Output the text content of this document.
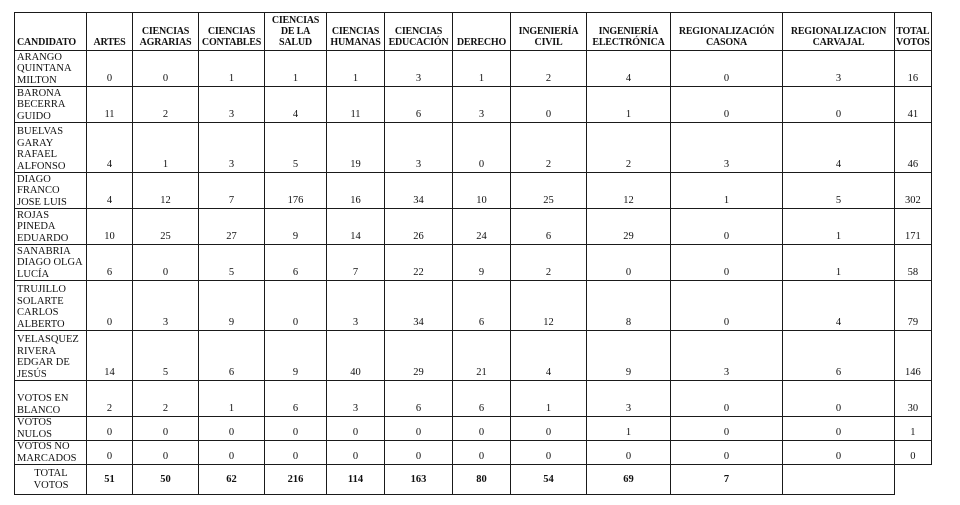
CANDIDATO	ARTES	CIENCIAS AGRARIAS	CIENCIAS CONTABLES	CIENCIAS DE LA SALUD	CIENCIAS HUMANAS	CIENCIAS EDUCACIÓN	DERECHO	INGENIERÍA CIVIL	INGENIERÍA ELECTRÓNICA	REGIONALIZACIÓN CASONA	REGIONALIZACION CARVAJAL	TOTAL VOTOS
ARANGO QUINTANA MILTON	0	0	1	1	1	3	1	2	4	0	3	16
BARONA BECERRA GUIDO	11	2	3	4	11	6	3	0	1	0	0	41
BUELVAS GARAY RAFAEL ALFONSO	4	1	3	5	19	3	0	2	2	3	4	46
DIAGO FRANCO JOSE LUIS	4	12	7	176	16	34	10	25	12	1	5	302
ROJAS PINEDA EDUARDO	10	25	27	9	14	26	24	6	29	0	1	171
SANABRIA DIAGO OLGA LUCÍA	6	0	5	6	7	22	9	2	0	0	1	58
TRUJILLO SOLARTE CARLOS ALBERTO	0	3	9	0	3	34	6	12	8	0	4	79
VELASQUEZ RIVERA EDGAR DE JESÚS	14	5	6	9	40	29	21	4	9	3	6	146
VOTOS EN BLANCO	2	2	1	6	3	6	6	1	3	0	0	30
VOTOS NULOS	0	0	0	0	0	0	0	0	1	0	0	1
VOTOS NO MARCADOS	0	0	0	0	0	0	0	0	0	0	0	0
TOTAL VOTOS	51	50	62	216	114	163	80	54	69	7		
